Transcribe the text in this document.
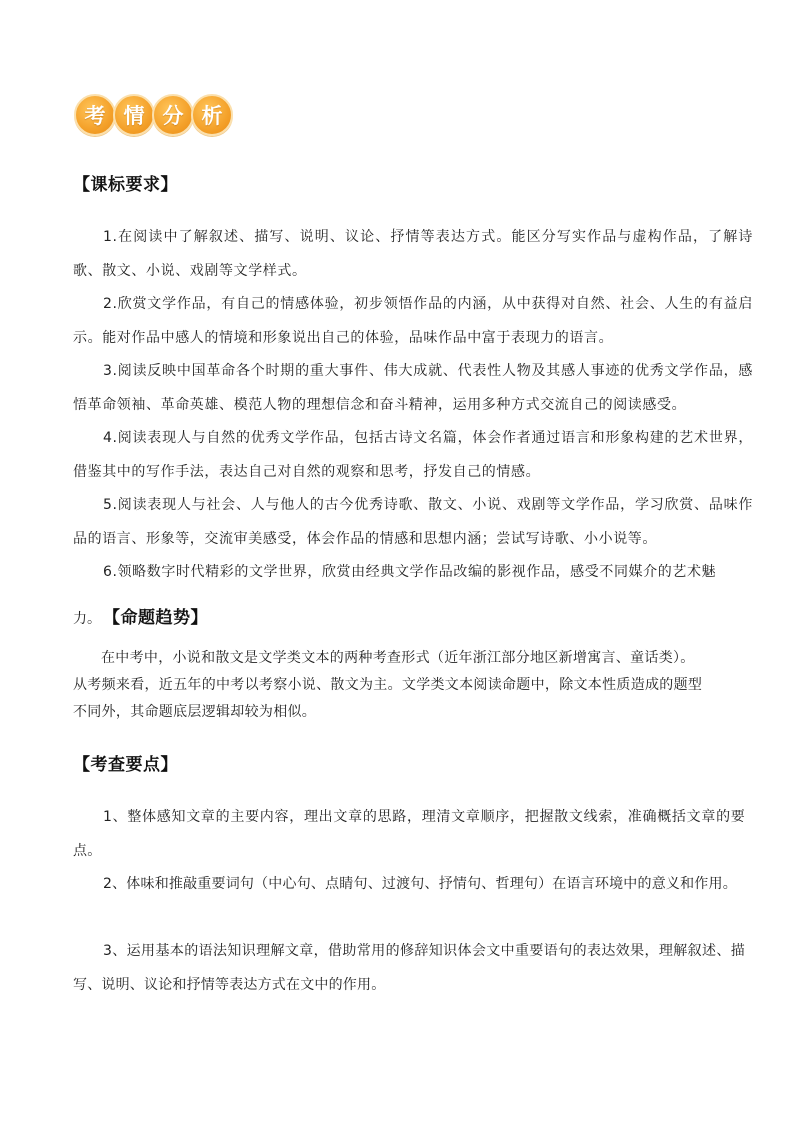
考 情 分 析
【课标要求】

1.在阅读中了解叙述、描写、说明、议论、抒情等表达方式。能区分写实作品与虚构作品，了解诗歌、散文、小说、戏剧等文学样式。

2.欣赏文学作品，有自己的情感体验，初步领悟作品的内涵，从中获得对自然、社会、人生的有益启示。能对作品中感人的情境和形象说出自己的体验，品味作品中富于表现力的语言。

3.阅读反映中国革命各个时期的重大事件、伟大成就、代表性人物及其感人事迹的优秀文学作品，感悟革命领袖、革命英雄、模范人物的理想信念和奋斗精神，运用多种方式交流自己的阅读感受。

4.阅读表现人与自然的优秀文学作品，包括古诗文名篇，体会作者通过语言和形象构建的艺术世界，借鉴其中的写作手法，表达自己对自然的观察和思考，抒发自己的情感。

5.阅读表现人与社会、人与他人的古今优秀诗歌、散文、小说、戏剧等文学作品，学习欣赏、品味作品的语言、形象等，交流审美感受，体会作品的情感和思想内涵；尝试写诗歌、小小说等。

6.领略数字时代精彩的文学世界，欣赏由经典文学作品改编的影视作品，感受不同媒介的艺术魅

力。 【命题趋势】
在中考中，小说和散文是文学类文本的两种考查形式（近年浙江部分地区新增寓言、童话类）。
从考频来看，近五年的中考以考察小说、散文为主。文学类文本阅读命题中，除文本性质造成的题型
不同外，其命题底层逻辑却较为相似。
【考查要点】

1、整体感知文章的主要内容，理出文章的思路，理清文章顺序，把握散文线索，准确概括文章的要点。

2、体味和推敲重要词句（中心句、点睛句、过渡句、抒情句、哲理句）在语言环境中的意义和作用。

3、运用基本的语法知识理解文章，借助常用的修辞知识体会文中重要语句的表达效果，理解叙述、描写、说明、议论和抒情等表达方式在文中的作用。
